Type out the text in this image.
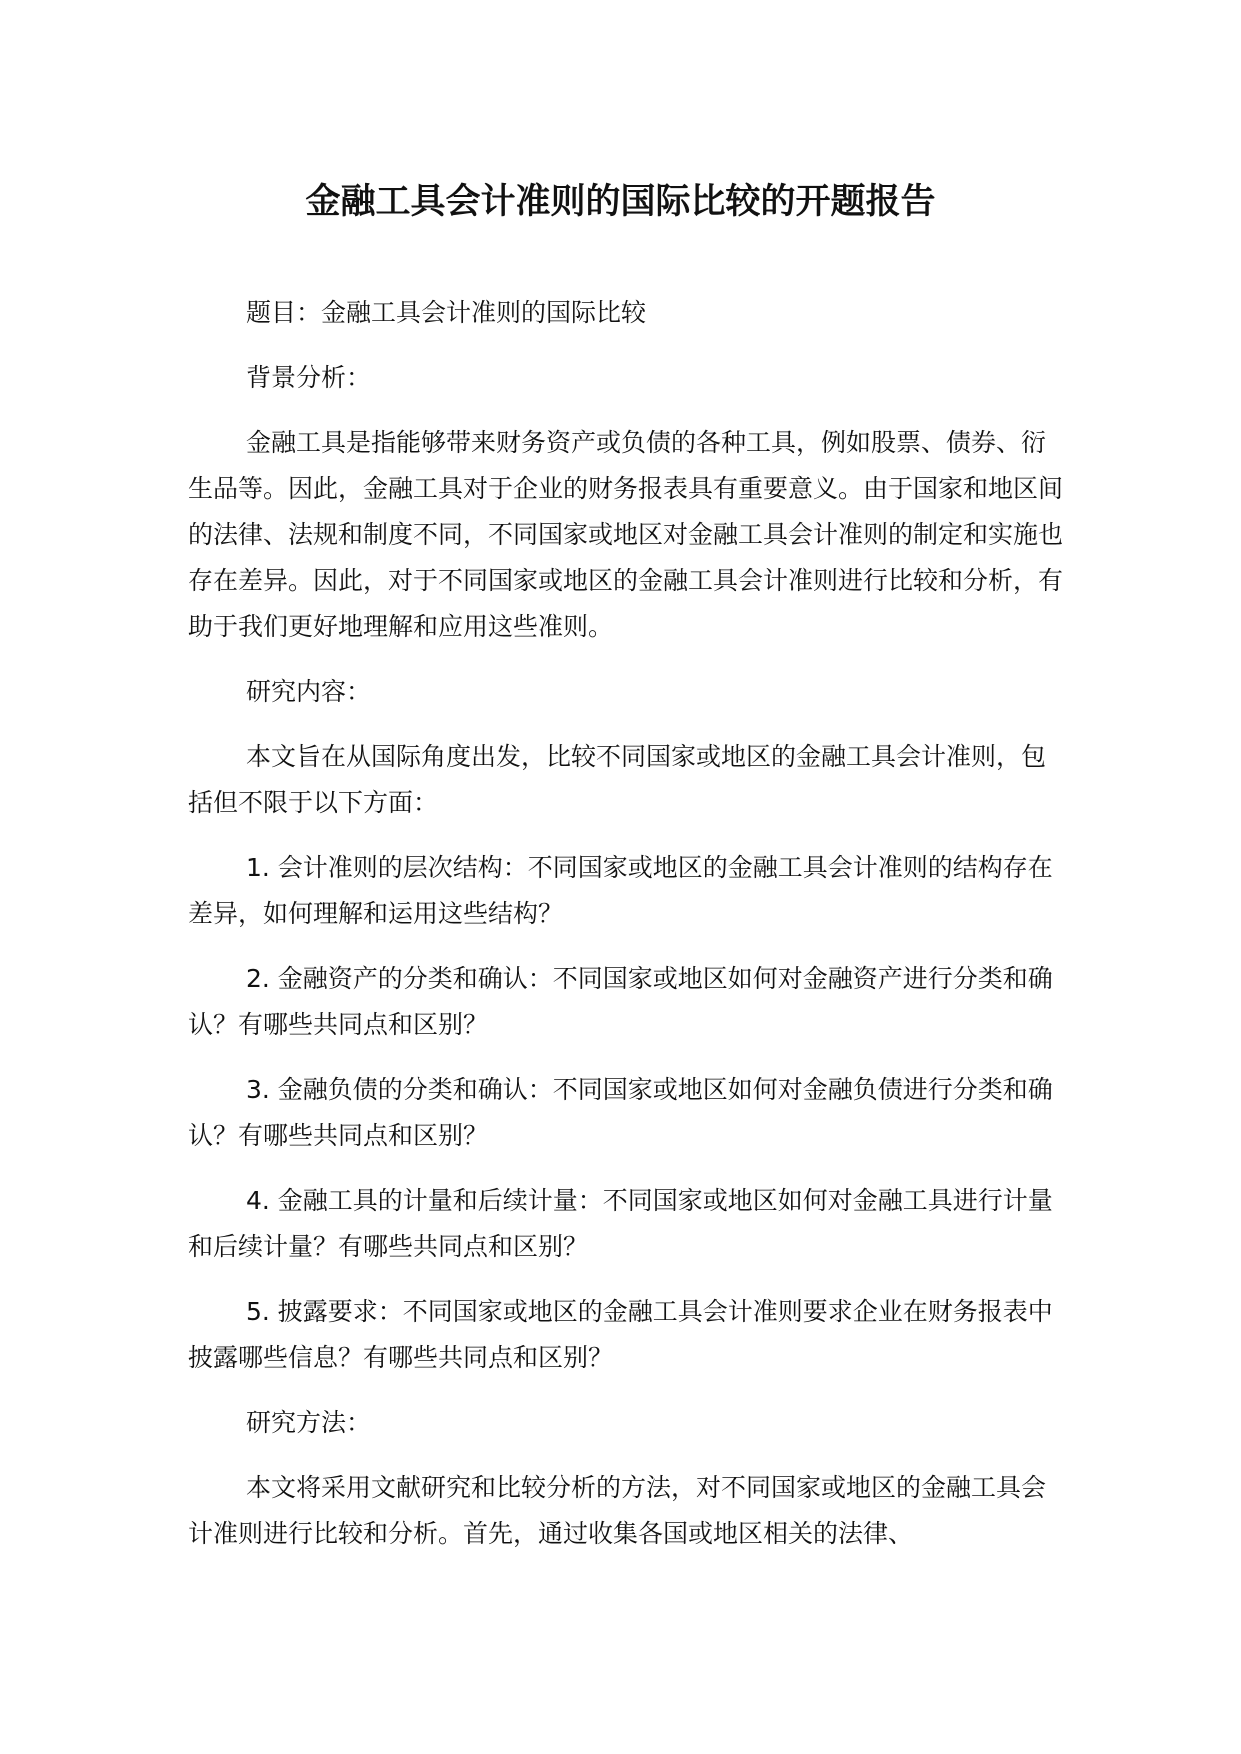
金融工具会计准则的国际比较的开题报告

题目：金融工具会计准则的国际比较

背景分析：

金融工具是指能够带来财务资产或负债的各种工具，例如股票、债券、衍生品等。因此，金融工具对于企业的财务报表具有重要意义。由于国家和地区间的法律、法规和制度不同，不同国家或地区对金融工具会计准则的制定和实施也存在差异。因此，对于不同国家或地区的金融工具会计准则进行比较和分析，有助于我们更好地理解和应用这些准则。

研究内容：

本文旨在从国际角度出发，比较不同国家或地区的金融工具会计准则，包括但不限于以下方面：

1. 会计准则的层次结构：不同国家或地区的金融工具会计准则的结构存在差异，如何理解和运用这些结构？

2. 金融资产的分类和确认：不同国家或地区如何对金融资产进行分类和确认？有哪些共同点和区别？

3. 金融负债的分类和确认：不同国家或地区如何对金融负债进行分类和确认？有哪些共同点和区别？

4. 金融工具的计量和后续计量：不同国家或地区如何对金融工具进行计量和后续计量？有哪些共同点和区别？

5. 披露要求：不同国家或地区的金融工具会计准则要求企业在财务报表中披露哪些信息？有哪些共同点和区别？

研究方法：

本文将采用文献研究和比较分析的方法，对不同国家或地区的金融工具会计准则进行比较和分析。首先，通过收集各国或地区相关的法律、
